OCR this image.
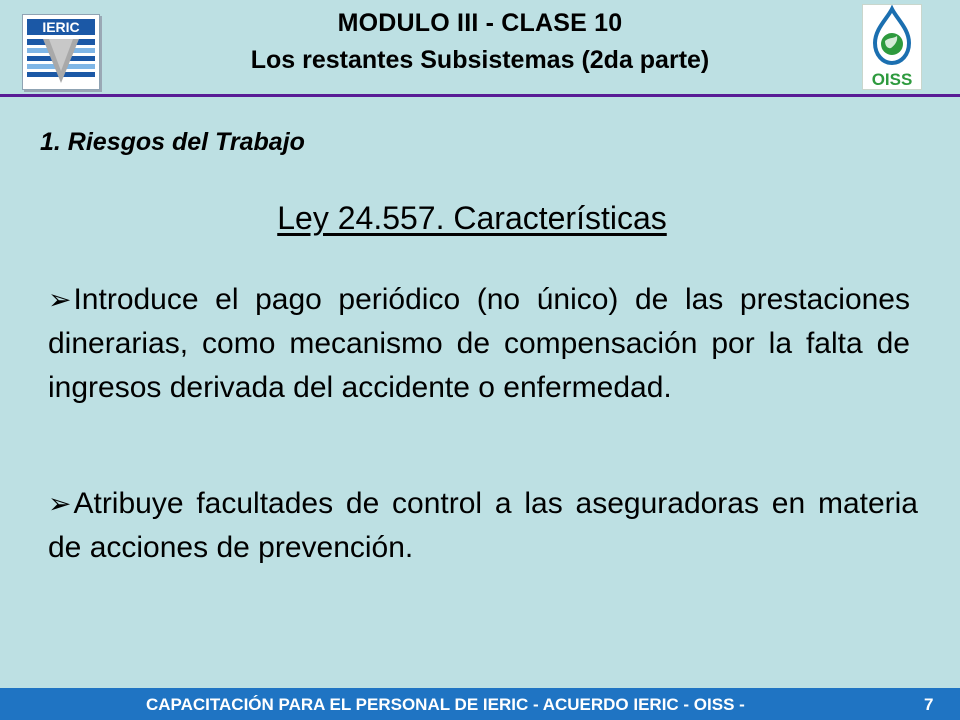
IERIC	MODULO III - CLASE 10
Los restantes Subsistemas (2da parte)
OISS
1. Riesgos del Trabajo
Ley 24.557. Características
➢Introduce el pago periódico (no único) de las prestaciones dinerarias, como mecanismo de compensación por la falta de ingresos derivada del accidente o enfermedad.
➢Atribuye facultades de control a las aseguradoras en materia de acciones de prevención.
CAPACITACIÓN PARA EL PERSONAL DE IERIC - ACUERDO IERIC - OISS -	7
